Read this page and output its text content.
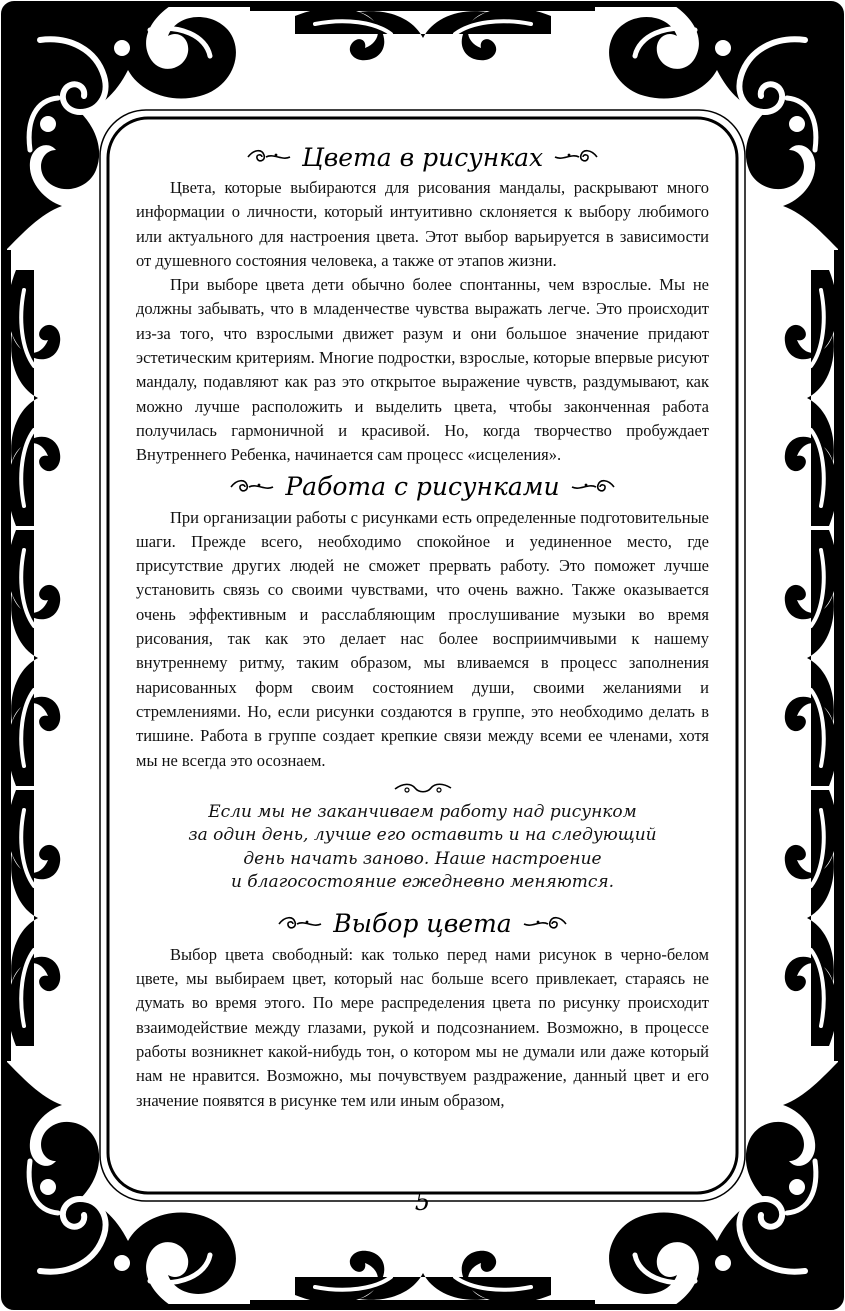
Цвета в рисунках

Цвета, которые выбираются для рисования мандалы, раскрывают много информации о личности, который интуитивно склоняется к выбору любимого или актуального для настроения цвета. Этот выбор варьируется в зависимости от душевного состояния человека, а также от этапов жизни.

При выборе цвета дети обычно более спонтанны, чем взрослые. Мы не должны забывать, что в младенчестве чувства выражать легче. Это происходит из-за того, что взрослыми движет разум и они большое значение придают эстетическим критериям. Многие подростки, взрослые, которые впервые рисуют мандалу, подавляют как раз это открытое выражение чувств, раздумывают, как можно лучше расположить и выделить цвета, чтобы законченная работа получилась гармоничной и красивой. Но, когда творчество пробуждает Внутреннего Ребенка, начинается сам процесс «исцеления».

Работа с рисунками

При организации работы с рисунками есть определенные подготовительные шаги. Прежде всего, необходимо спокойное и уединенное место, где присутствие других людей не сможет прервать работу. Это поможет лучше установить связь со своими чувствами, что очень важно. Также оказывается очень эффективным и расслабляющим прослушивание музыки во время рисования, так как это делает нас более восприимчивыми к нашему внутреннему ритму, таким образом, мы вливаемся в процесс заполнения нарисованных форм своим состоянием души, своими желаниями и стремлениями. Но, если рисунки создаются в группе, это необходимо делать в тишине. Работа в группе создает крепкие связи между всеми ее членами, хотя мы не всегда это осознаем.

Если мы не заканчиваем работу над рисунком

за один день, лучше его оставить и на следующий

день начать заново. Наше настроение

и благосостояние ежедневно меняются.

Выбор цвета

Выбор цвета свободный: как только перед нами рисунок в черно-белом цвете, мы выбираем цвет, который нас больше всего привлекает, стараясь не думать во время этого. По мере распределения цвета по рисунку происходит взаимодействие между глазами, рукой и подсознанием. Возможно, в процессе работы возникнет какой-нибудь тон, о котором мы не думали или даже который нам не нравится. Возможно, мы почувствуем раздражение, данный цвет и его значение появятся в рисунке тем или иным образом,

5
